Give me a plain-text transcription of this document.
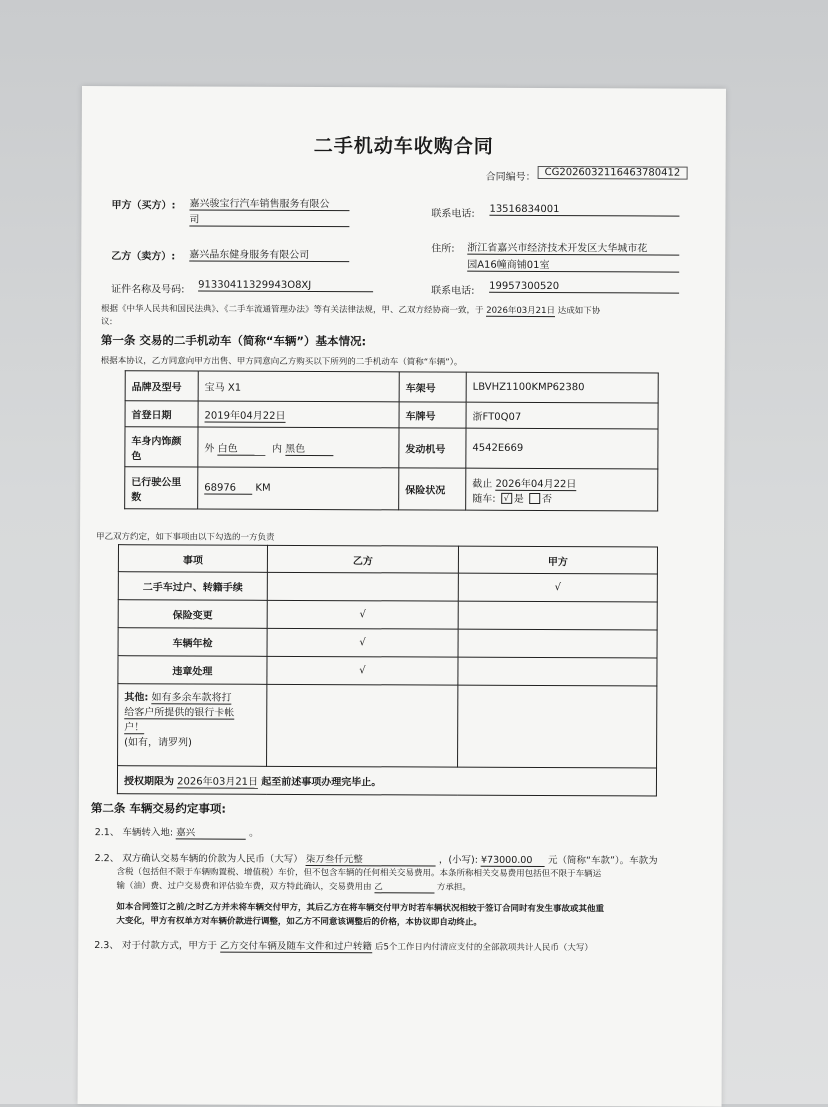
二手机动车收购合同
合同编号： CG2026032116463780412
甲方（买方）: 嘉兴骏宝行汽车销售服务有限公
司
联系电话: 13516834001
乙方（卖方）: 嘉兴晶东健身服务有限公司
住所: 浙江省嘉兴市经济技术开发区大华城市花
园A16幢商铺01室
证件名称及号码: 91330411329943O8XJ
联系电话: 19957300520
根据《中华人民共和国民法典》、《二手车流通管理办法》等有关法律法规，甲、乙双方经协商一致，于 2026年03月21日 达成如下协
议:
第一条 交易的二手机动车（简称“车辆”）基本情况:
根据本协议，乙方同意向甲方出售、甲方同意向乙方购买以下所列的二手机动车（简称“车辆”）。
品牌及型号	宝马 X1	车架号	LBVHZ1100KMP62380
首登日期	2019年04月22日	车牌号	浙FT0Q07
车身内饰颜
色	外 白色 内 黑色	发动机号	4542E669
已行驶公里
数	68976 KM	保险状况	截止 2026年04月22日
随车: √ 是 否
甲乙双方约定，如下事项由以下勾选的一方负责
事项	乙方	甲方
二手车过户、转籍手续		√
保险变更	√	
车辆年检	√	
违章处理	√	
其他: 如有多余车款将打
给客户所提供的银行卡帐
户！
(如有，请罗列)		
授权期限为 2026年03月21日 起至前述事项办理完毕止。		
第二条 车辆交易约定事项:
2.1、 车辆转入地: 嘉兴	。
2.2、 双方确认交易车辆的价款为人民币（大写） 柒万叁仟元整	，(小写): ¥73000.00 元（简称“车款”）。车款为
含税（包括但不限于车辆购置税、增值税）车价，但不包含车辆的任何相关交易费用。本条所称相关交易费用包括但不限于车辆运
输（油）费、过户交易费和评估验车费，双方特此确认，交易费用由 乙	方承担。
如本合同签订之前/之时乙方并未将车辆交付甲方，其后乙方在将车辆交付甲方时若车辆状况相较于签订合同时有发生事故或其他重
大变化，甲方有权单方对车辆价款进行调整，如乙方不同意该调整后的价格，本协议即自动终止。
2.3、 对于付款方式，甲方于 乙方交付车辆及随车文件和过户转籍 后5个工作日内付清应支付的全部款项共计人民币（大写）
